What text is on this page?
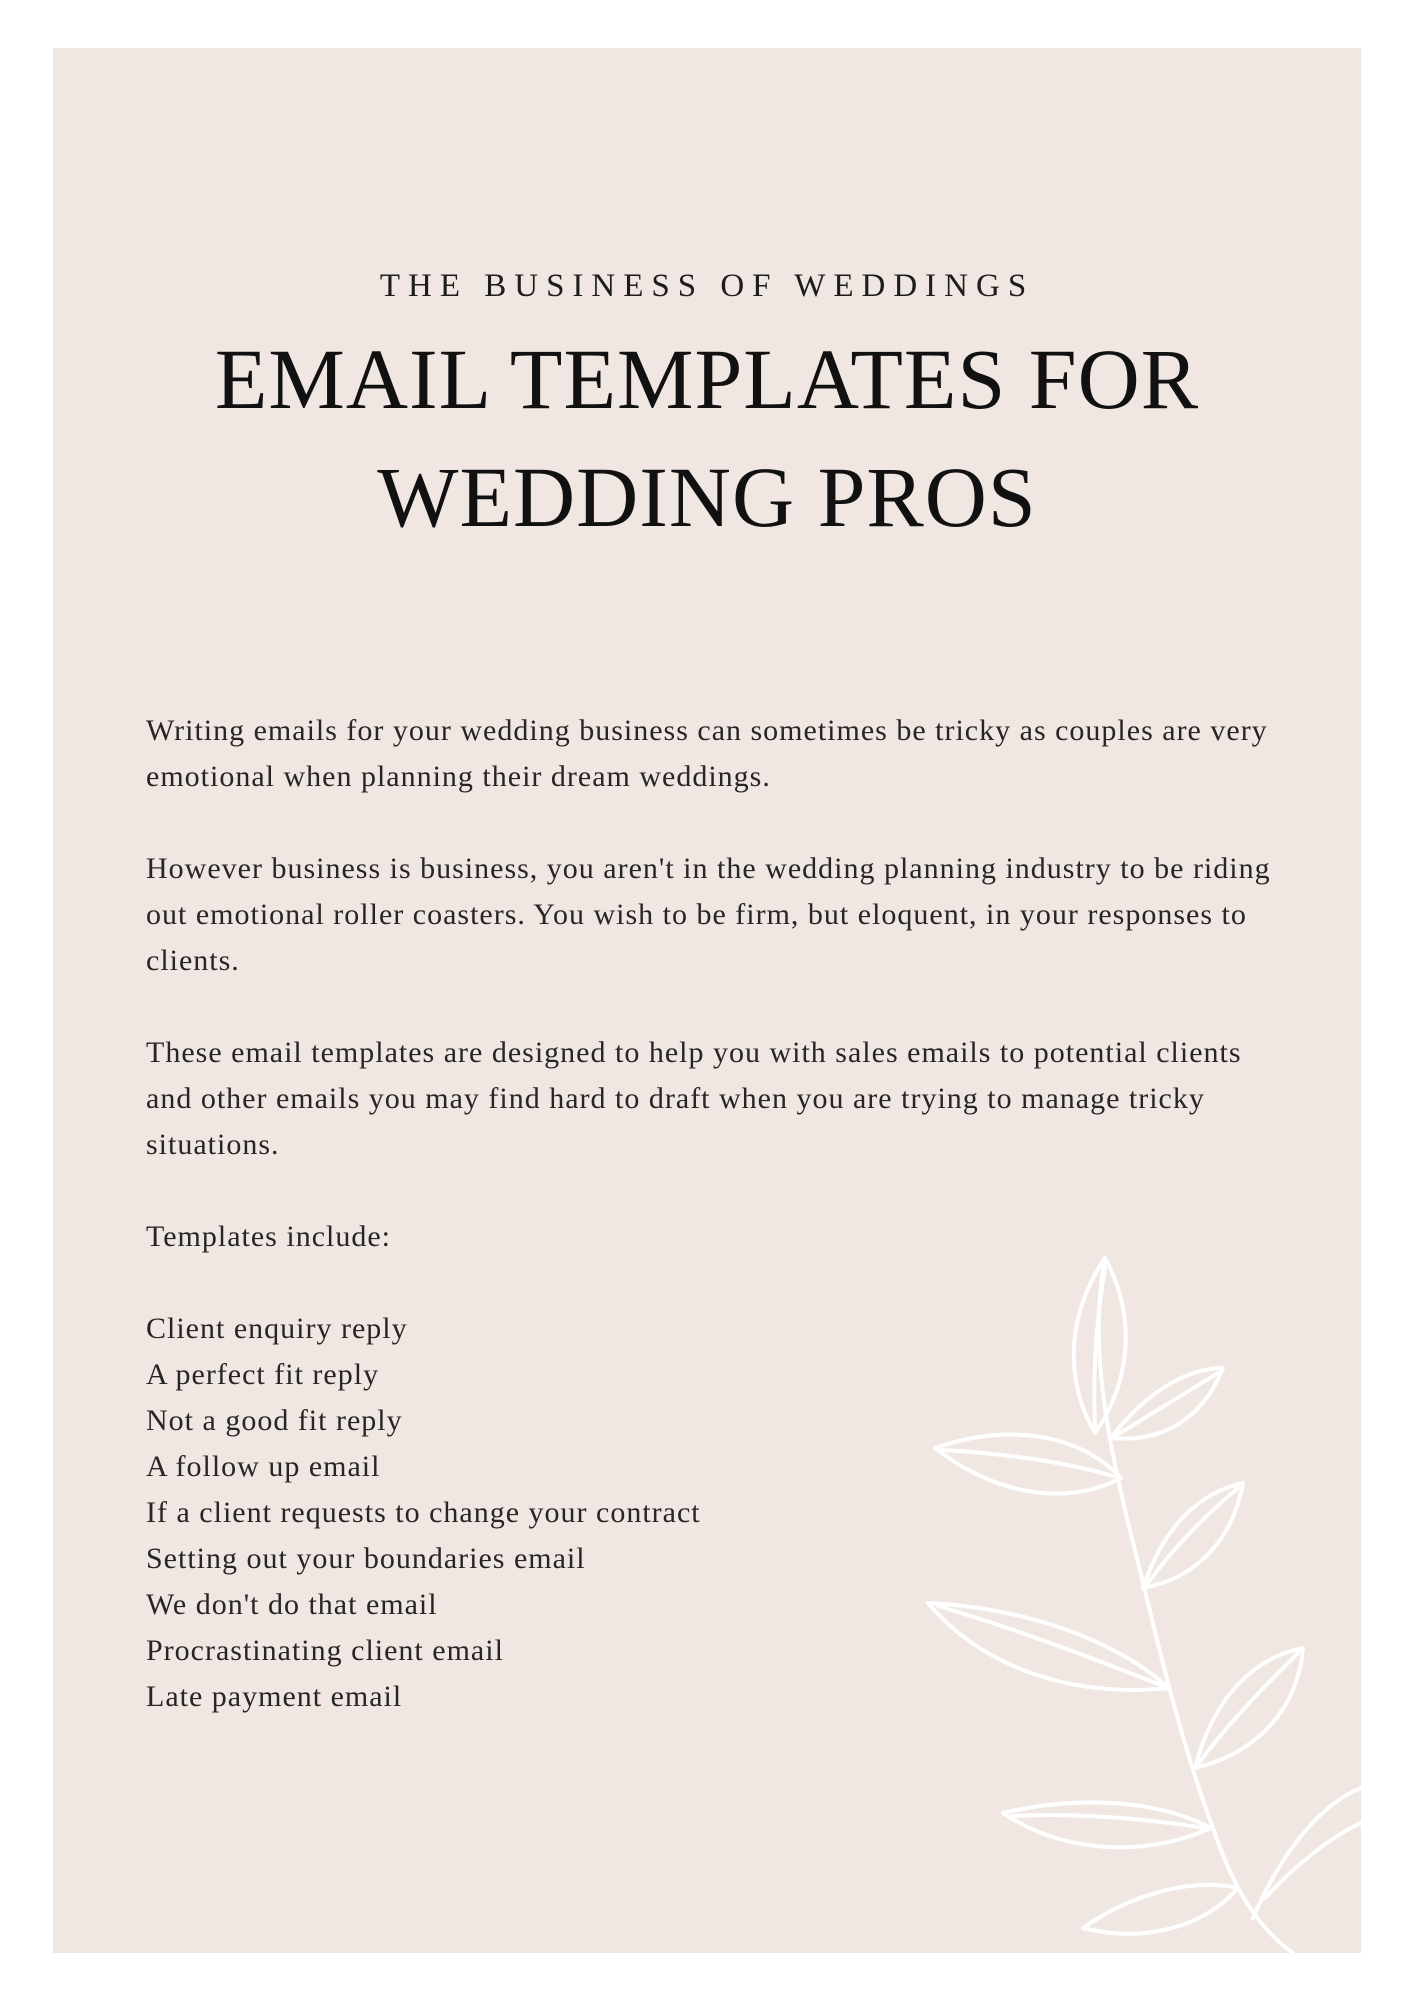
THE BUSINESS OF WEDDINGS

EMAIL TEMPLATES FOR
WEDDING PROS

Writing emails for your wedding business can sometimes be tricky as couples are very emotional when planning their dream weddings.

However business is business, you aren't in the wedding planning industry to be riding out emotional roller coasters. You wish to be firm, but eloquent, in your responses to clients.

These email templates are designed to help you with sales emails to potential clients and other emails you may find hard to draft when you are trying to manage tricky situations.

Templates include:

Client enquiry reply
A perfect fit reply
Not a good fit reply
A follow up email
If a client requests to change your contract
Setting out your boundaries email
We don't do that email
Procrastinating client email
Late payment email
